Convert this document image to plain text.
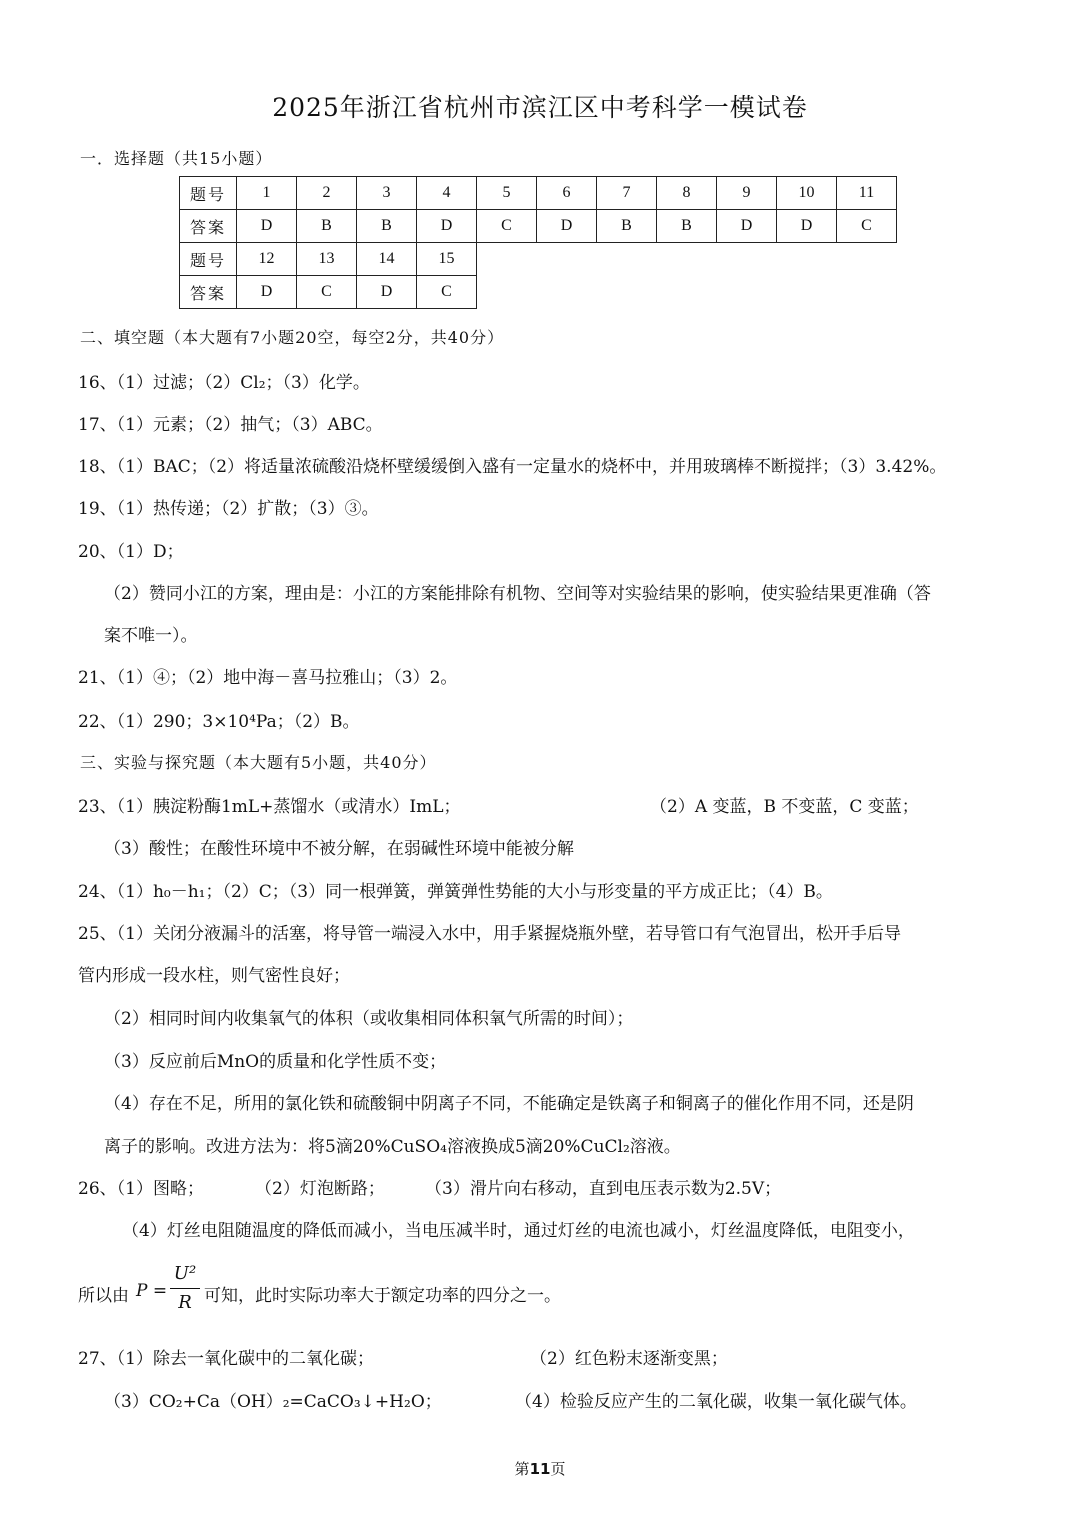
2025年浙江省杭州市滨江区中考科学一模试卷
一．选择题（共15小题）
题号	1	2	3	4	5	6	7	8	9	10	11
答案	D	B	B	D	C	D	B	B	D	D	C
题号	12	13	14	15							
答案	D	C	D	C							
二、填空题（本大题有7小题20空，每空2分，共40分）
16、（1）过滤；（2）Cl₂；（3）化学。
17、（1）元素；（2）抽气；（3）ABC。
18、（1）BAC；（2）将适量浓硫酸沿烧杯壁缓缓倒入盛有一定量水的烧杯中，并用玻璃棒不断搅拌；（3）3.42%。
19、（1）热传递；（2）扩散；（3）③。
20、（1）D；
（2）赞同小江的方案，理由是：小江的方案能排除有机物、空间等对实验结果的影响，使实验结果更准确（答
案不唯一）。
21、（1）④；（2）地中海－喜马拉雅山；（3）2。
22、（1）290；3×10⁴Pa；（2）B。
三、实验与探究题（本大题有5小题，共40分）
23、（1）胰淀粉酶1mL+蒸馏水（或清水）ImL；	（2）A 变蓝，B 不变蓝，C 变蓝；
（3）酸性；在酸性环境中不被分解，在弱碱性环境中能被分解
24、（1）h₀－h₁；（2）C；（3）同一根弹簧，弹簧弹性势能的大小与形变量的平方成正比；（4）B。
25、（1）关闭分液漏斗的活塞，将导管一端浸入水中，用手紧握烧瓶外壁，若导管口有气泡冒出，松开手后导
管内形成一段水柱，则气密性良好；
（2）相同时间内收集氧气的体积（或收集相同体积氧气所需的时间）；
（3）反应前后MnO的质量和化学性质不变；
（4）存在不足，所用的氯化铁和硫酸铜中阴离子不同，不能确定是铁离子和铜离子的催化作用不同，还是阴
离子的影响。改进方法为：将5滴20%CuSO₄溶液换成5滴20%CuCl₂溶液。
26、（1）图略；	（2）灯泡断路； （3）滑片向右移动，直到电压表示数为2.5V；
（4）灯丝电阻随温度的降低而减小，当电压减半时，通过灯丝的电流也减小，灯丝温度降低，电阻变小，
所以由 P =
U²
R 可知，此时实际功率大于额定功率的四分之一。
27、（1）除去一氧化碳中的二氧化碳；	（2）红色粉末逐渐变黑；
（3）CO₂+Ca（OH）₂=CaCO₃↓+H₂O；	（4）检验反应产生的二氧化碳，收集一氧化碳气体。
第11页
